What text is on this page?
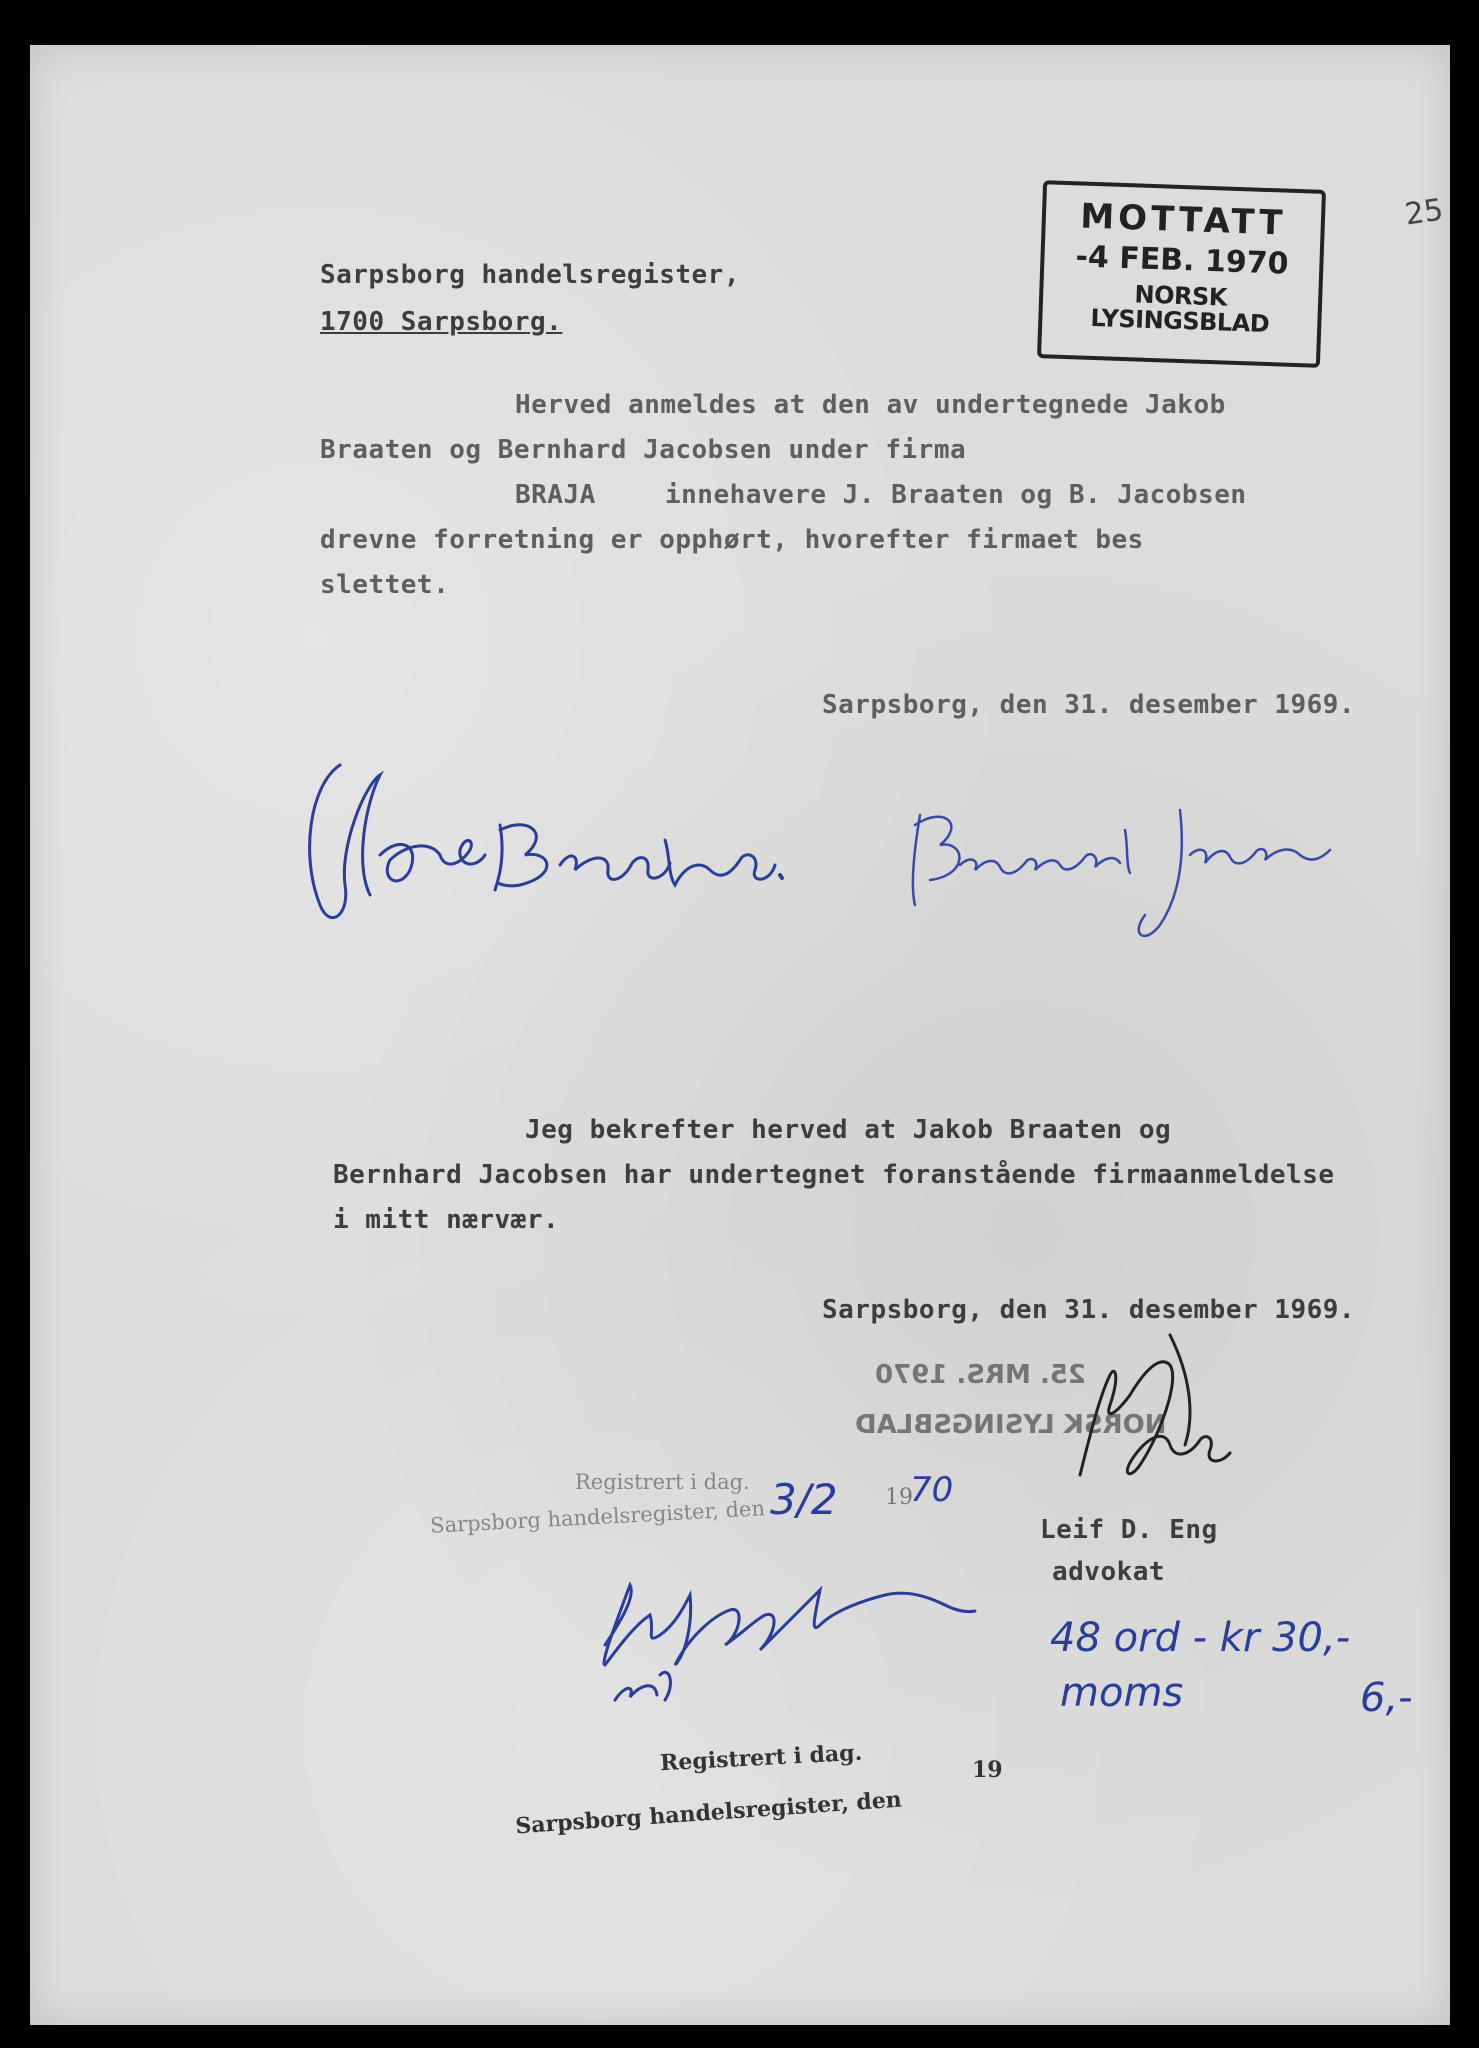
MOTTATT
-4 FEB. 1970
NORSK LYSINGSBLAD
25
Sarpsborg handelsregister,
1700 Sarpsborg.
Herved anmeldes at den av undertegnede Jakob
Braaten og Bernhard Jacobsen under firma
BRAJA	innehavere J. Braaten og B. Jacobsen
drevne forretning er opphørt, hvorefter firmaet bes
slettet.
Sarpsborg, den 31. desember 1969.
Jeg bekrefter herved at Jakob Braaten og
Bernhard Jacobsen har undertegnet foranstående firmaanmeldelse
i mitt nærvær.
Sarpsborg, den 31. desember 1969.
25. MRS. 1970
NORSK LYSINGSBLAD
Leif D. Eng
advokat
Registrert i dag.
Sarpsborg handelsregister, den 3/2 19
70
48 ord - kr 30,-
moms	6,-
Registrert i dag.
Sarpsborg handelsregister, den
19
